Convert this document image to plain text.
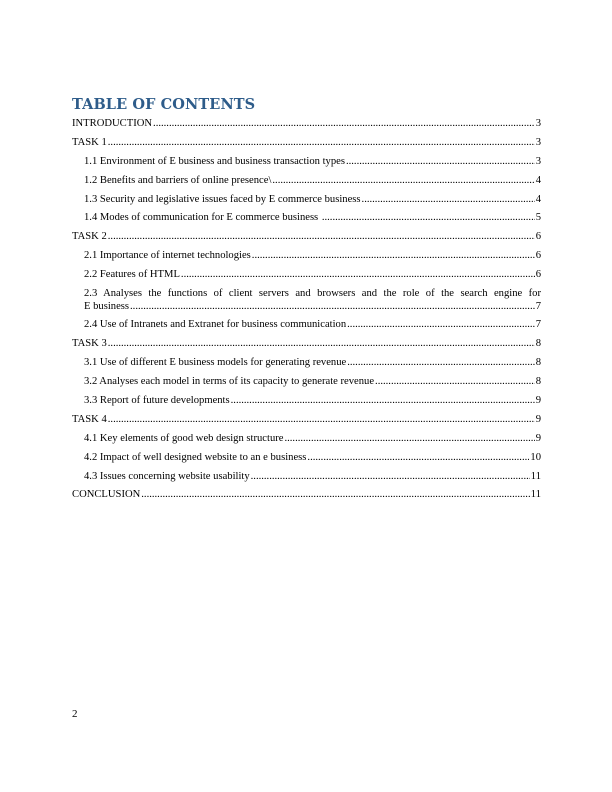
TABLE OF CONTENTS
INTRODUCTION .....	3
TASK 1 .....	3
1.1 Environment of E business and business transaction types .....	3
1.2 Benefits and barriers of online presence\ .....	4
1.3 Security and legislative issues faced by E commerce business .....	4
1.4 Modes of communication for E commerce business .....	5
TASK 2 .....	6
2.1 Importance of internet technologies .....	6
2.2 Features of HTML .....	6
2.3 Analyses the functions of client servers and browsers and the role of the search engine for
E business .....	7
2.4 Use of Intranets and Extranet for business communication .....	7
TASK 3 .....	8
3.1 Use of different E business models for generating revenue .....	8
3.2 Analyses each model in terms of its capacity to generate revenue .....	8
3.3 Report of future developments .....	9
TASK 4 .....	9
4.1 Key elements of good web design structure .....	9
4.2 Impact of well designed website to an e business .....	10
4.3 Issues concerning website usability .....	11
CONCLUSION .....	11
2
